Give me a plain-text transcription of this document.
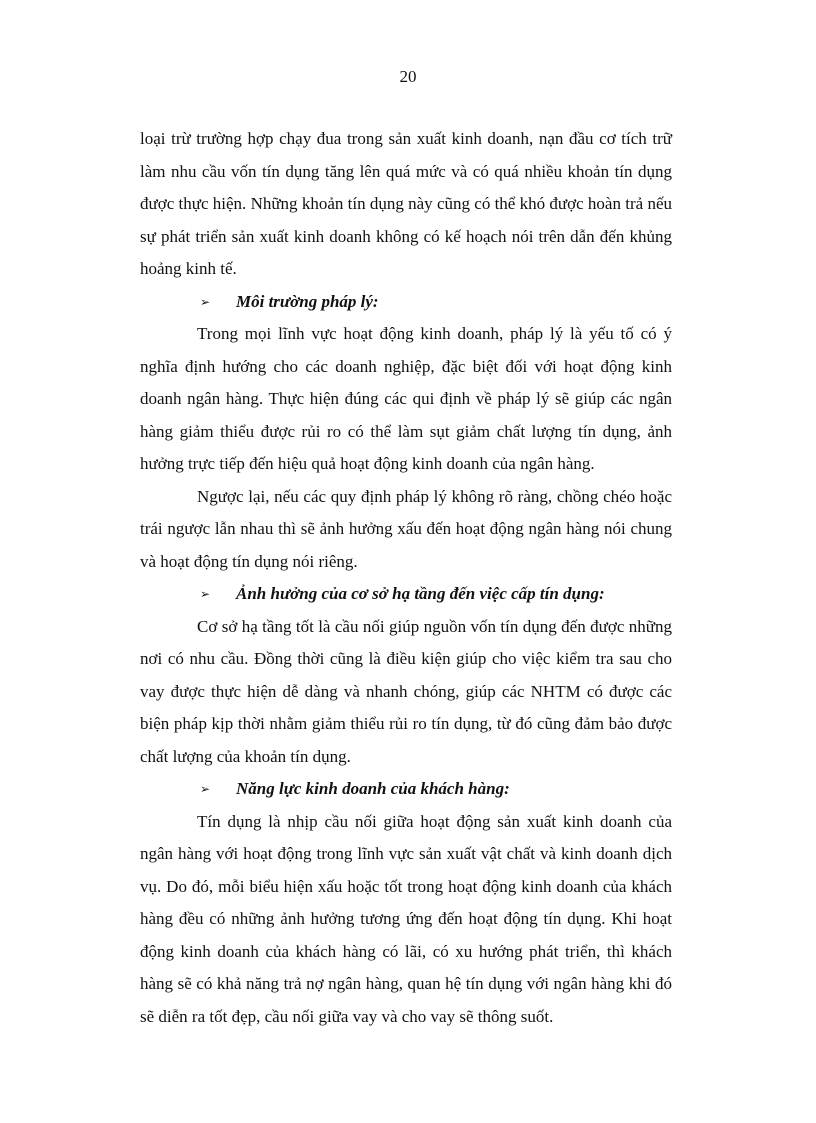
20

loại trừ trường hợp chạy đua trong sản xuất kinh doanh, nạn đầu cơ tích trữ làm nhu cầu vốn tín dụng tăng lên quá mức và có quá nhiều khoản tín dụng được thực hiện. Những khoản tín dụng này cũng có thể khó được hoàn trả nếu sự phát triển sản xuất kinh doanh không có kế hoạch nói trên dẫn đến khủng hoảng kinh tế.

➢	Môi trường pháp lý:

Trong mọi lĩnh vực hoạt động kinh doanh, pháp lý là yếu tố có ý nghĩa định hướng cho các doanh nghiệp, đặc biệt đối với hoạt động kinh doanh ngân hàng. Thực hiện đúng các qui định về pháp lý sẽ giúp các ngân hàng giảm thiểu được rủi ro có thể làm sụt giảm chất lượng tín dụng, ảnh hưởng trực tiếp đến hiệu quả hoạt động kinh doanh của ngân hàng.

Ngược lại, nếu các quy định pháp lý không rõ ràng, chồng chéo hoặc trái ngược lẫn nhau thì sẽ ảnh hưởng xấu đến hoạt động ngân hàng nói chung và hoạt động tín dụng nói riêng.

➢	Ảnh hưởng của cơ sở hạ tầng đến việc cấp tín dụng:

Cơ sở hạ tầng tốt là cầu nối giúp nguồn vốn tín dụng đến được những nơi có nhu cầu. Đồng thời cũng là điều kiện giúp cho việc kiểm tra sau cho vay được thực hiện dễ dàng và nhanh chóng, giúp các NHTM có được các biện pháp kịp thời nhằm giảm thiểu rủi ro tín dụng, từ đó cũng đảm bảo được chất lượng của khoản tín dụng.

➢	Năng lực kinh doanh của khách hàng:

Tín dụng là nhịp cầu nối giữa hoạt động sản xuất kinh doanh của ngân hàng với hoạt động trong lĩnh vực sản xuất vật chất và kinh doanh dịch vụ. Do đó, mỗi biểu hiện xấu hoặc tốt trong hoạt động kinh doanh của khách hàng đều có những ảnh hưởng tương ứng đến hoạt động tín dụng. Khi hoạt động kinh doanh của khách hàng có lãi, có xu hướng phát triển, thì khách hàng sẽ có khả năng trả nợ ngân hàng, quan hệ tín dụng với ngân hàng khi đó sẽ diễn ra tốt đẹp, cầu nối giữa vay và cho vay sẽ thông suốt.
